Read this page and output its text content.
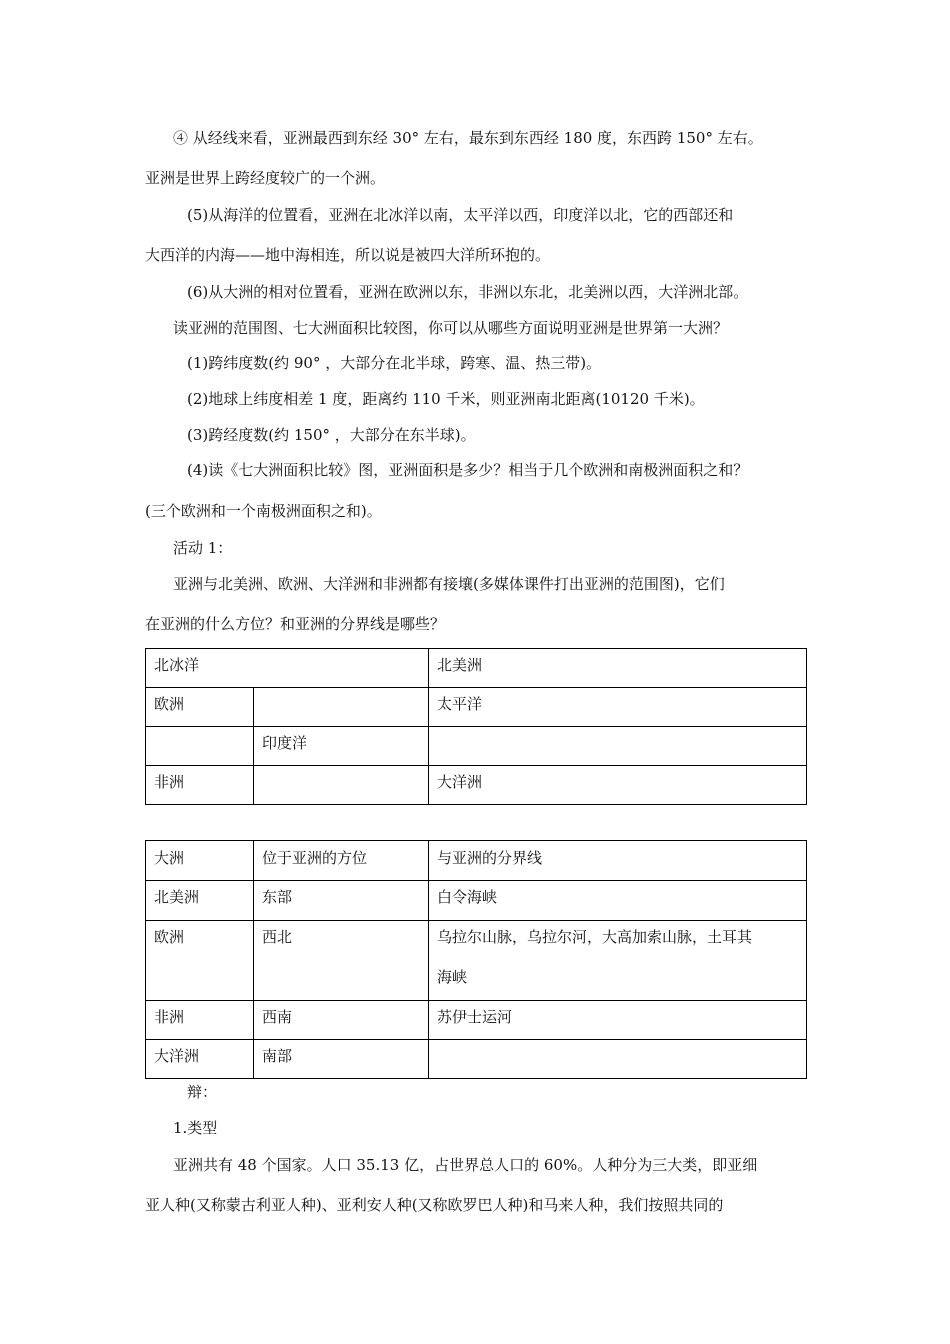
④ 从经线来看，亚洲最西到东经 30° 左右，最东到东西经 180 度，东西跨 150° 左右。
亚洲是世界上跨经度较广的一个洲。
(5)从海洋的位置看，亚洲在北冰洋以南，太平洋以西，印度洋以北，它的西部还和
大西洋的内海——地中海相连，所以说是被四大洋所环抱的。
(6)从大洲的相对位置看，亚洲在欧洲以东，非洲以东北，北美洲以西，大洋洲北部。
读亚洲的范围图、七大洲面积比较图，你可以从哪些方面说明亚洲是世界第一大洲？
(1)跨纬度数(约 90° ，大部分在北半球，跨寒、温、热三带)。
(2)地球上纬度相差 1 度，距离约 110 千米，则亚洲南北距离(10120 千米)。
(3)跨经度数(约 150° ，大部分在东半球)。
(4)读《七大洲面积比较》图，亚洲面积是多少？相当于几个欧洲和南极洲面积之和？
(三个欧洲和一个南极洲面积之和)。
活动 1：
亚洲与北美洲、欧洲、大洋洲和非洲都有接壤(多媒体课件打出亚洲的范围图)，它们
在亚洲的什么方位？和亚洲的分界线是哪些？
北冰洋		北美洲

欧洲		太平洋

	印度洋	

非洲		大洋洲
大洲	位于亚洲的方位	与亚洲的分界线

北美洲	东部	白令海峡

欧洲	西北	乌拉尔山脉，乌拉尔河，大高加索山脉，土耳其
海峡

非洲	西南	苏伊士运河

大洋洲	南部	

辩：
1.类型
亚洲共有 48 个国家。人口 35.13 亿，占世界总人口的 60%。人种分为三大类，即亚细
亚人种(又称蒙古利亚人种)、亚利安人种(又称欧罗巴人种)和马来人种，我们按照共同的
